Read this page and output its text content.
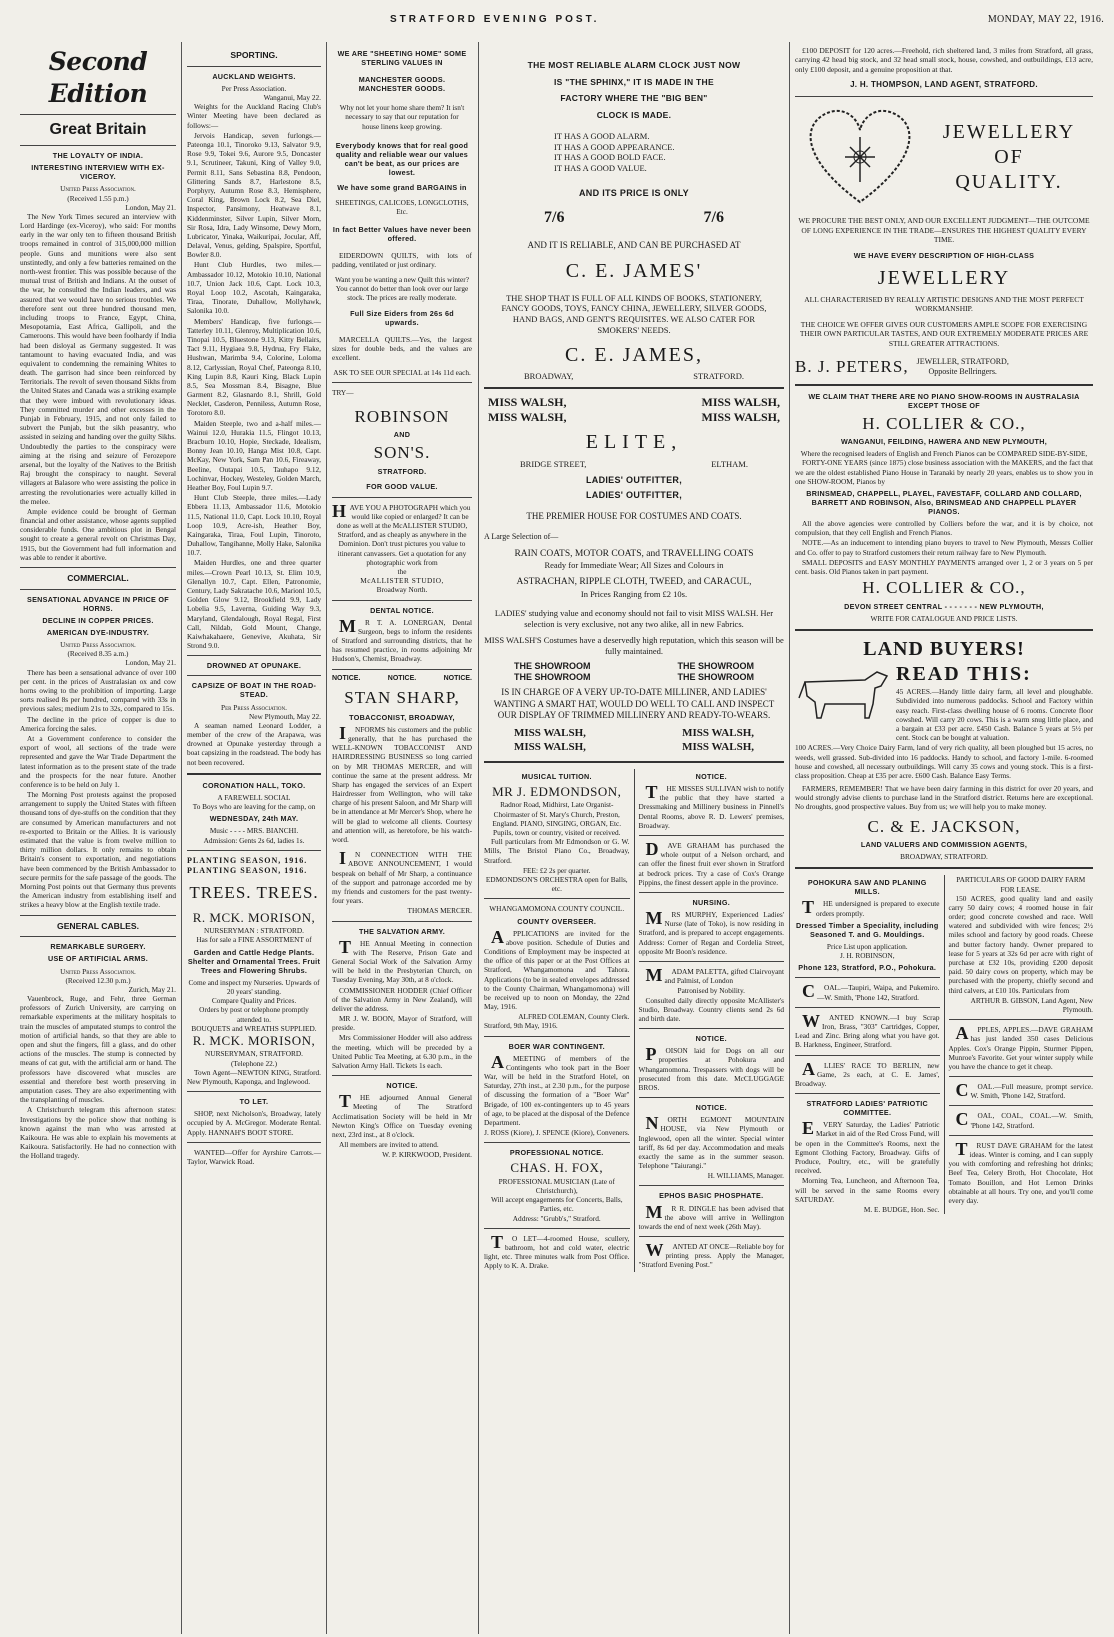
STRATFORD EVENING POST.	MONDAY, MAY 22, 1916.
Second Edition
Great Britain
THE LOYALTY OF INDIA.
INTERESTING INTERVIEW WITH EX-VICEROY.
United Press Association.
(Received 1.55 p.m.)
London, May 21.

The New York Times secured an interview with Lord Hardinge (ex-Viceroy), who said: For months early in the war only ten to fifteen thousand British troops remained in control of 315,000,000 million people. Guns and munitions were also sent unstintedly, and only a few batteries remained on the north-west frontier. This was possible because of the mutual trust of British and Indians. At the outset of the war, he consulted the Indian leaders, and was assured that we would have no serious troubles. We therefore sent out three hundred thousand men, including troops to France, Egypt, China, Mesopotamia, East Africa, Gallipoli, and the Cameroons. This would have been foolhardy if India had been disloyal as Germany suggested. It was tantamount to having evacuated India, and was equivalent to condemning the remaining Whites to death. The garrison had since been reinforced by Territorials. The revolt of seven thousand Sikhs from the United States and Canada was a striking example that they were imbued with revolutionary ideas. They committed murder and other excesses in the Punjab in February, 1915, and not only failed to subvert the Punjab, but the sikh peasantry, who assisted in seizing and handing over the guilty Sikhs. Undoubtedly the parties to the conspiracy were aiming at the rising and seizure of Ferozepore arsenal, but the loyalty of the Natives to the British Raj brought the conspiracy to naught. Several villagers at Balasore who were assisting the police in arresting the revolutionaries were actually killed in the melee.

Ample evidence could be brought of German financial and other assistance, whose agents supplied considerable funds. One ambitious plot in Bengal sought to create a general revolt on Christmas Day, 1915, but the Government had full information and was able to render it abortive.

COMMERCIAL.
SENSATIONAL ADVANCE IN PRICE OF HORNS.
DECLINE IN COPPER PRICES.
AMERICAN DYE-INDUSTRY.
United Press Association.
(Received 8.35 a.m.)
London, May 21.

There has been a sensational advance of over 100 per cent. in the prices of Australasian ox and cow horns owing to the prohibition of importing. Large sorts realised 8s per hundred, compared with 33s in previous sales; medium 21s to 32s, compared to 15s.

The decline in the price of copper is due to America forcing the sales.

At a Government conference to consider the export of wool, all sections of the trade were represented and gave the War Trade Department the latest information as to the present state of the trade and the prospects for the near future. Another conference is to be held on July 1.

The Morning Post protests against the proposed arrangement to supply the United States with fifteen thousand tons of dye-stuffs on the condition that they are consumed by American manufacturers and not re-exported to Britain or the Allies. It is variously estimated that the value is from twelve million to thirty million dollars. It only remains to obtain Britain's consent to exportation, and negotiations have been commenced by the British Ambassador to secure permits for the safe passage of the goods. The Morning Post points out that Germany thus prevents the American industry from establishing itself and strikes a heavy blow at the English textile trade.

GENERAL CABLES.
REMARKABLE SURGERY.
USE OF ARTIFICIAL ARMS.
United Press Association.
(Received 12.30 p.m.)
Zurich, May 21.

Vauenbrock, Ruge, and Fehr, three German professors of Zurich University, are carrying on remarkable experiments at the military hospitals to train the muscles of amputated stumps to control the motion of artificial hands, so that they are able to open and shut the fingers, fill a glass, and do other actions of the muscles. The stump is connected by means of cat gut, with the artificial arm or hand. The professors have discovered what muscles are essential and therefore best worth preserving in amputation cases. They are also experimenting with the transplanting of muscles.

A Christchurch telegram this afternoon states: Investigations by the police show that nothing is known against the man who was arrested at Kaikoura. He was able to explain his movements at Kaikoura. Satisfactorily. He had no connection with the Holland tragedy.

SPORTING.
AUCKLAND WEIGHTS.
Per Press Association.
Wanganui, May 22.

Weights for the Auckland Racing Club's Winter Meeting have been declared as follows:—

Jervois Handicap, seven furlongs.—Pateonga 10.1, Tinoroko 9.13, Salvator 9.9, Rose 9.9, Tokei 9.6, Aurore 9.5, Doncaster 9.1, Scrutineer, Takuni, King of Valley 9.0, Permit 8.11, Sans Sebastina 8.8, Pendoon, Glittering Sands 8.7, Harlestone 8.5, Porphyry, Autumn Rose 8.3, Hemisphere, Coral King, Brown Lock 8.2, Sea Diel, Inspector, Pansimony, Heatwave 8.1, Kiddenminster, Silver Lupin, Silver Morn, Sir Rosa, Idra, Lady Winsome, Dewy Morn, Lubricator, Yinaka, Waikuripai, Jocular, Aff, Delaval, Venus, gelding, Spalspire, Sportful, Bowler 8.0.

Hunt Club Hurdles, two miles.—Ambassador 10.12, Motokio 10.10, National 10.7, Union Jack 10.6, Capt. Lock 10.3, Royal Loop 10.2, Ascotah, Kaingaraka, Tiraa, Tinorate, Duhallow, Mollyhawk, Salonika 10.0.

Members' Handicap, five furlongs.—Tatterley 10.11, Glenroy, Multiplication 10.6, Tinopai 10.5, Bluestone 9.13, Kitty Bellairs, Tact 9.11, Hygiaea 9.8, Hydrua, Fry Flake, Hushwan, Marimba 9.4, Colorine, Loloma 8.12, Carlyssian, Royal Chef, Pateonga 8.10, King Lupin 8.8, Kauri King, Black Lupin 8.5, Sea Mossman 8.4, Bisagne, Blue Garment 8.2, Glasnardo 8.1, Shrill, Gold Necklet, Casderon, Penniless, Autumn Rose, Torotoro 8.0.

Maiden Steeple, two and a-half miles.—Wainui 12.0, Hurakia 11.5, Flingot 10.13, Bracburn 10.10, Hopie, Steckade, Idealism, Bonny Jean 10.10, Hanga Mist 10.8, Capt. McKay, New York, Sam Pan 10.6, Fireaway, Beeline, Outapai 10.5, Tauhapo 9.12, Lochinvar, Hockey, Westeley, Golden March, Heather Boy, Foul Lupin 9.7.

Hunt Club Steeple, three miles.—Lady Ebbera 11.13, Ambassador 11.6, Motokio 11.5, National 11.0, Capt. Lock 10.10, Royal Loop 10.9, Acre-ish, Heather Boy, Kaingaraka, Tiraa, Foul Lupin, Tinoroto, Duhallow, Tangihanne, Molly Hake, Salonika 10.7.

Maiden Hurdles, one and three quarter miles.—Crown Pearl 10.13, St. Elim 10.9, Glenallyn 10.7, Capt. Ellen, Patronomie, Century, Lady Sakratache 10.6, Marionl 10.5, Golden Glow 9.12, Brookfield 9.9, Lady Lobelia 9.5, Laverna, Guiding Way 9.3, Maryland, Glendalough, Royal Regal, First Call, Nildab, Gold Mount, Change, Kaiwhakahaere, Genevive, Akuhata, Sir Strond 9.0.

DROWNED AT OPUNAKE.
CAPSIZE OF BOAT IN THE ROAD-STEAD.
Per Press Association.
New Plymouth, May 22.

A seaman named Leonard Lodder, a member of the crew of the Arapawa, was drowned at Opunake yesterday through a boat capsizing in the roadstead. The body has not been recovered.

CORONATION HALL, TOKO.
A FAREWELL SOCIAL
To Boys who are leaving for the camp, on
WEDNESDAY, 24th MAY.
Music - - - - MRS. BIANCHI.
Admission: Gents 2s 6d, ladies 1s.
PLANTING SEASON, 1916.
PLANTING SEASON, 1916.
TREES. TREES.
R. MCK. MORISON,
NURSERYMAN : STRATFORD.
Has for sale a FINE ASSORTMENT of
Garden and Cattle Hedge Plants. Shelter and Ornamental Trees. Fruit Trees and Flowering Shrubs.
Come and inspect my Nurseries. Upwards of 20 years' standing.
Compare Quality and Prices.
Orders by post or telephone promptly attended to.
BOUQUETS and WREATHS SUPPLIED.
R. MCK. MORISON,
NURSERYMAN, STRATFORD.
(Telephone 22.)

Town Agent—NEWTON KING, Stratford. New Plymouth, Kaponga, and Inglewood.

TO LET.

SHOP, next Nicholson's, Broadway, lately occupied by A. McGregor. Moderate Rental. Apply. HANNAH'S BOOT STORE.

WANTED—Offer for Ayrshire Carrots.—Taylor, Warwick Road.

WE ARE "SHEETING HOME" SOME STERLING VALUES IN
MANCHESTER GOODS. MANCHESTER GOODS.

Why not let your home share them? It isn't necessary to say that our reputation for house linens keep growing.

Everybody knows that for real good quality and reliable wear our values can't be beat, as our prices are lowest.
We have some grand BARGAINS in
SHEETINGS, CALICOES, LONGCLOTHS, Etc.
In fact Better Values have never been offered.

EIDERDOWN QUILTS, with lots of padding, ventilated or just ordinary.

Want you be wanting a new Quilt this winter? You cannot do better than look over our large stock. The prices are really moderate.

Full Size Eiders from 26s 6d upwards.

MARCELLA QUILTS.—Yes, the largest sizes for double beds, and the values are excellent.

ASK TO SEE OUR SPECIAL at 14s 11d each.
TRY—
ROBINSON
AND
SON'S.
STRATFORD.
FOR GOOD VALUE.

HAVE YOU A PHOTOGRAPH which you would like copied or enlarged? It can be done as well at the McALLISTER STUDIO, Stratford, and as cheaply as anywhere in the Dominion. Don't trust pictures you value to itinerant canvassers. Get a quotation for any photographic work from

the
McALLISTER STUDIO,
Broadway North.
DENTAL NOTICE.

MR T. A. LONERGAN, Dental Surgeon, begs to inform the residents of Stratford and surrounding districts, that he has resumed practice, in rooms adjoining Mr Hudson's, Chemist, Broadway.

NOTICE.	NOTICE.	NOTICE.
STAN SHARP,
TOBACCONIST, BROADWAY,

INFORMS his customers and the public generally, that he has purchased the WELL-KNOWN TOBACCONIST AND HAIRDRESSING BUSINESS so long carried on by MR THOMAS MERCER, and will continue the same at the present address. Mr Sharp has engaged the services of an Expert Hairdresser from Wellington, who will take charge of his present Saloon, and Mr Sharp will be in attendance at Mr Mercer's Shop, where he will be glad to welcome all clients. Courtesy and attention will, as heretofore, be his watch-word.

IN CONNECTION WITH THE ABOVE ANNOUNCEMENT, I would bespeak on behalf of Mr Sharp, a continuance of the support and patronage accorded me by my friends and customers for the past twenty-four years.

THOMAS MERCER.
THE SALVATION ARMY.

THE Annual Meeting in connection with The Reserve, Prison Gate and General Social Work of the Salvation Army will be held in the Presbyterian Church, on Tuesday Evening, May 30th, at 8 o'clock.

COMMISSIONER HODDER (Chief Officer of the Salvation Army in New Zealand), will deliver the address.

MR J. W. BOON, Mayor of Stratford, will preside.

Mrs Commissioner Hodder will also address the meeting, which will be preceded by a United Public Tea Meeting, at 6.30 p.m., in the Salvation Army Hall. Tickets 1s each.

NOTICE.

THE adjourned Annual General Meeting of The Stratford Acclimatisation Society will be held in Mr Newton King's Office on Tuesday evening next, 23rd inst., at 8 o'clock.

All members are invited to attend.

W. P. KIRKWOOD, President.
THE MOST RELIABLE ALARM CLOCK JUST NOW
IS "THE SPHINX," IT IS MADE IN THE
FACTORY WHERE THE "BIG BEN"
CLOCK IS MADE.
IT HAS A GOOD ALARM.
IT HAS A GOOD APPEARANCE.
IT HAS A GOOD BOLD FACE.
IT HAS A GOOD VALUE.
AND ITS PRICE IS ONLY
7/6	7/6
AND IT IS RELIABLE, AND CAN BE PURCHASED AT
C. E. JAMES'
THE SHOP THAT IS FULL OF ALL KINDS OF BOOKS, STATIONERY, FANCY GOODS, TOYS, FANCY CHINA, JEWELLERY, SILVER GOODS, HAND BAGS, AND GENT'S REQUISITES. WE ALSO CATER FOR SMOKERS' NEEDS.
C. E. JAMES,
BROADWAY,	STRATFORD.
MISS WALSH,	MISS WALSH,
MISS WALSH,	MISS WALSH,
ELITE,
BRIDGE STREET,	ELTHAM.
LADIES' OUTFITTER,
LADIES' OUTFITTER,
THE PREMIER HOUSE FOR COSTUMES AND COATS.
A Large Selection of—
RAIN COATS, MOTOR COATS, and TRAVELLING COATS
Ready for Immediate Wear; All Sizes and Colours in
ASTRACHAN, RIPPLE CLOTH, TWEED, and CARACUL,
In Prices Ranging from £2 10s.
LADIES' studying value and economy should not fail to visit MISS WALSH. Her selection is very exclusive, not any two alike, all in new Fabrics.
MISS WALSH'S Costumes have a deservedly high reputation, which this season will be fully maintained.
THE SHOWROOM	THE SHOWROOM
THE SHOWROOM	THE SHOWROOM
IS IN CHARGE OF A VERY UP-TO-DATE MILLINER, AND LADIES' WANTING A SMART HAT, WOULD DO WELL TO CALL AND INSPECT OUR DISPLAY OF TRIMMED MILLINERY AND READY-TO-WEARS.
MISS WALSH,	MISS WALSH,
MISS WALSH,	MISS WALSH,
MUSICAL TUITION.
MR J. EDMONDSON,

Radnor Road, Midhirst, Late Organist-Choirmaster of St. Mary's Church, Preston, England. PIANO, SINGING, ORGAN, Etc. Pupils, town or country, visited or received.

Full particulars from Mr Edmondson or G. W. Mills, The Bristol Piano Co., Broadway, Stratford.

FEE: £2 2s per quarter.
EDMONDSON'S ORCHESTRA open for Balls, etc.
WHANGAMOMONA COUNTY COUNCIL.
COUNTY OVERSEER.

APPLICATIONS are invited for the above position. Schedule of Duties and Conditions of Employment may be inspected at the office of this paper or at the Post Offices at Stratford, Whangamomona and Tahora. Applications (to be in sealed envelopes addressed to the County Chairman, Whangamomona) will be received up to noon on Monday, the 22nd May, 1916.

ALFRED COLEMAN, County Clerk.
Stratford, 9th May, 1916.
BOER WAR CONTINGENT.

AMEETING of members of the Contingents who took part in the Boer War, will be held in the Stratford Hotel, on Saturday, 27th inst., at 2.30 p.m., for the purpose of discussing the formation of a "Boer War" Brigade, of 100 ex-contingenters up to 45 years of age, to be placed at the disposal of the Defence Department.

J. ROSS (Kiore), J. SPENCE (Kiore), Conveners.
PROFESSIONAL NOTICE.
CHAS. H. FOX,
PROFESSIONAL MUSICIAN (Late of Christchurch),
Will accept engagements for Concerts, Balls, Parties, etc.
Address: "Grubb's," Stratford.

TO LET—4-roomed House, scullery, bathroom, hot and cold water, electric light, etc. Three minutes walk from Post Office. Apply to K. A. Drake.

NOTICE.

THE MISSES SULLIVAN wish to notify the public that they have started a Dressmaking and Millinery business in Pinnell's Dental Rooms, above R. D. Lewers' premises, Broadway.

DAVE GRAHAM has purchased the whole output of a Nelson orchard, and can offer the finest fruit ever shown in Stratford at bedrock prices. Try a case of Cox's Orange Pippins, the finest dessert apple in the province.

NURSING.

MRS MURPHY, Experienced Ladies' Nurse (late of Toko), is now residing in Stratford, and is prepared to accept engagements. Address: Corner of Regan and Cordelia Street, opposite Mr Boon's residence.

MADAM PALETTA, gifted Clairvoyant and Palmist, of London

Patronised by Nobility.

Consulted daily directly opposite McAllister's Studio, Broadway. Country clients send 2s 6d and birth date.

NOTICE.

POISON laid for Dogs on all our properties at Pohokura and Whangamomona. Trespassers with dogs will be prosecuted from this date. McCLUGGAGE BROS.

NOTICE.

NORTH EGMONT MOUNTAIN HOUSE, via New Plymouth or Inglewood, open all the winter. Special winter tariff, 8s 6d per day. Accommodation and meals exactly the same as in the summer season. Telephone "Taiurangi."

H. WILLIAMS, Manager.
EPHOS BASIC PHOSPHATE.

MR R. DINGLE has been advised that the above will arrive in Wellington towards the end of next week (26th May).

WANTED AT ONCE—Reliable boy for printing press. Apply the Manager, "Stratford Evening Post."

£100 DEPOSIT for 120 acres.—Freehold, rich sheltered land, 3 miles from Stratford, all grass, carrying 42 head big stock, and 32 head small stock, house, cowshed, and outbuildings, £13 acre, only £100 deposit, and a genuine proposition at that.

J. H. THOMPSON, LAND AGENT, STRATFORD.
JEWELLERY
OF
QUALITY.
WE PROCURE THE BEST ONLY, AND OUR EXCELLENT JUDGMENT—THE OUTCOME OF LONG EXPERIENCE IN THE TRADE—ENSURES THE HIGHEST QUALITY EVERY TIME.
WE HAVE EVERY DESCRIPTION OF HIGH-CLASS
JEWELLERY
ALL CHARACTERISED BY REALLY ARTISTIC DESIGNS AND THE MOST PERFECT WORKMANSHIP.
THE CHOICE WE OFFER GIVES OUR CUSTOMERS AMPLE SCOPE FOR EXERCISING THEIR OWN PARTICULAR TASTES, AND OUR EXTREMELY MODERATE PRICES ARE STILL GREATER ATTRACTIONS.
B. J. PETERS, JEWELLER, STRATFORD,
Opposite Bellringers.
WE CLAIM THAT THERE ARE NO PIANO SHOW-ROOMS IN AUSTRALASIA EXCEPT THOSE OF
H. COLLIER & CO.,
WANGANUI, FEILDING, HAWERA AND NEW PLYMOUTH,
Where the recognised leaders of English and French Pianos can be COMPARED SIDE-BY-SIDE,

FORTY-ONE YEARS (since 1875) close business association with the MAKERS, and the fact that we are the oldest established Piano House in Taranaki by nearly 20 years, enables us to show you in one SHOW-ROOM, Pianos by

BRINSMEAD, CHAPPELL, PLAYEL, FAVESTAFF, COLLARD AND COLLARD, BARRETT AND ROBINSON, Also, BRINSMEAD AND CHAPPELL PLAYER PIANOS.

All the above agencies were controlled by Colliers before the war, and it is by choice, not compulsion, that they cell English and French Pianos.

NOTE.—As an inducement to intending piano buyers to travel to New Plymouth, Messrs Collier and Co. offer to pay to Stratford customers their return railway fare to New Plymouth.

SMALL DEPOSITS and EASY MONTHLY PAYMENTS arranged over 1, 2 or 3 years on 5 per cent. basis. Old Pianos taken in part payment.

H. COLLIER & CO.,
DEVON STREET CENTRAL - - - - - - - NEW PLYMOUTH,
WRITE FOR CATALOGUE AND PRICE LISTS.
LAND BUYERS!
READ THIS:

45 ACRES.—Handy little dairy farm, all level and ploughable. Subdivided into numerous paddocks. School and Factory within easy reach. First-class dwelling house of 6 rooms. Concrete floor cowshed. Will carry 20 cows. This is a warm snug little place, and a bargain at £33 per acre. £450 Cash. Balance 5 years at 5½ per cent. Stock can be bought at valuation.

100 ACRES.—Very Choice Dairy Farm, land of very rich quality, all been ploughed but 15 acres, no weeds, well grassed. Sub-divided into 16 paddocks. Handy to school, and factory 1-mile. 6-roomed house and cowshed, all necessary outbuildings. Will carry 35 cows and young stock. This is a first-class proposition. Cheap at £35 per acre. £600 Cash. Balance Easy Terms.

FARMERS, REMEMBER! That we have been dairy farming in this district for over 20 years, and would strongly advise clients to purchase land in the Stratford district. Returns here are exceptional. No droughts, good prospective values. Buy from us; we will help you to make money.

C. & E. JACKSON,
LAND VALUERS AND COMMISSION AGENTS,
BROADWAY, STRATFORD.
POHOKURA SAW AND PLANING MILLS.

THE undersigned is prepared to execute orders promptly.

Dressed Timber a Speciality, including Seasoned T. and G. Mouldings.
Price List upon application.
J. H. ROBINSON,
Phone 123, Stratford, P.O., Pohokura.

COAL.—Taupiri, Waipa, and Pukemiro.—W. Smith, 'Phone 142, Stratford.

WANTED KNOWN.—I buy Scrap Iron, Brass, "303" Cartridges, Copper, Lead and Zinc. Bring along what you have got. B. Harkness, Engineer, Stratford.

ALLIES' RACE TO BERLIN, new Game, 2s each, at C. E. James', Broadway.

STRATFORD LADIES' PATRIOTIC COMMITTEE.

EVERY Saturday, the Ladies' Patriotic Market in aid of the Red Cross Fund, will be open in the Committee's Rooms, next the Egmont Clothing Factory, Broadway. Gifts of Produce, Poultry, etc., will be gratefully received.

Morning Tea, Luncheon, and Afternoon Tea, will be served in the same Rooms every SATURDAY.

M. E. BUDGE, Hon. Sec.
PARTICULARS OF GOOD DAIRY FARM FOR LEASE.

150 ACRES, good quality land and easily carry 50 dairy cows; 4 roomed house in fair order; good concrete cowshed and race. Well watered and subdivided with wire fences; 2½ miles school and factory by good roads. Cheese and butter factory handy. Owner prepared to lease for 5 years at 32s 6d per acre with right of purchase at £32 10s, providing £200 deposit paid. 50 dairy cows on property, which may be purchased with the property, chiefly second and third calvers, at £10 10s. Particulars from

ARTHUR B. GIBSON, Land Agent, New Plymouth.

APPLES, APPLES.—DAVE GRAHAM has just landed 350 cases Delicious Apples. Cox's Orange Pippin, Sturmer Pippen, Munroe's Favorite. Get your winter supply while you have the chance to get it cheap.

COAL.—Full measure, prompt service. W. Smith, 'Phone 142, Stratford.

COAL, COAL, COAL.—W. Smith, 'Phone 142, Stratford.

TRUST DAVE GRAHAM for the latest ideas. Winter is coming, and I can supply you with comforting and refreshing hot drinks; Beef Tea, Celery Broth, Hot Chocolate, Hot Tomato Bouillon, and Hot Lemon Drinks obtainable at all hours. Try one, and you'll come every day.
